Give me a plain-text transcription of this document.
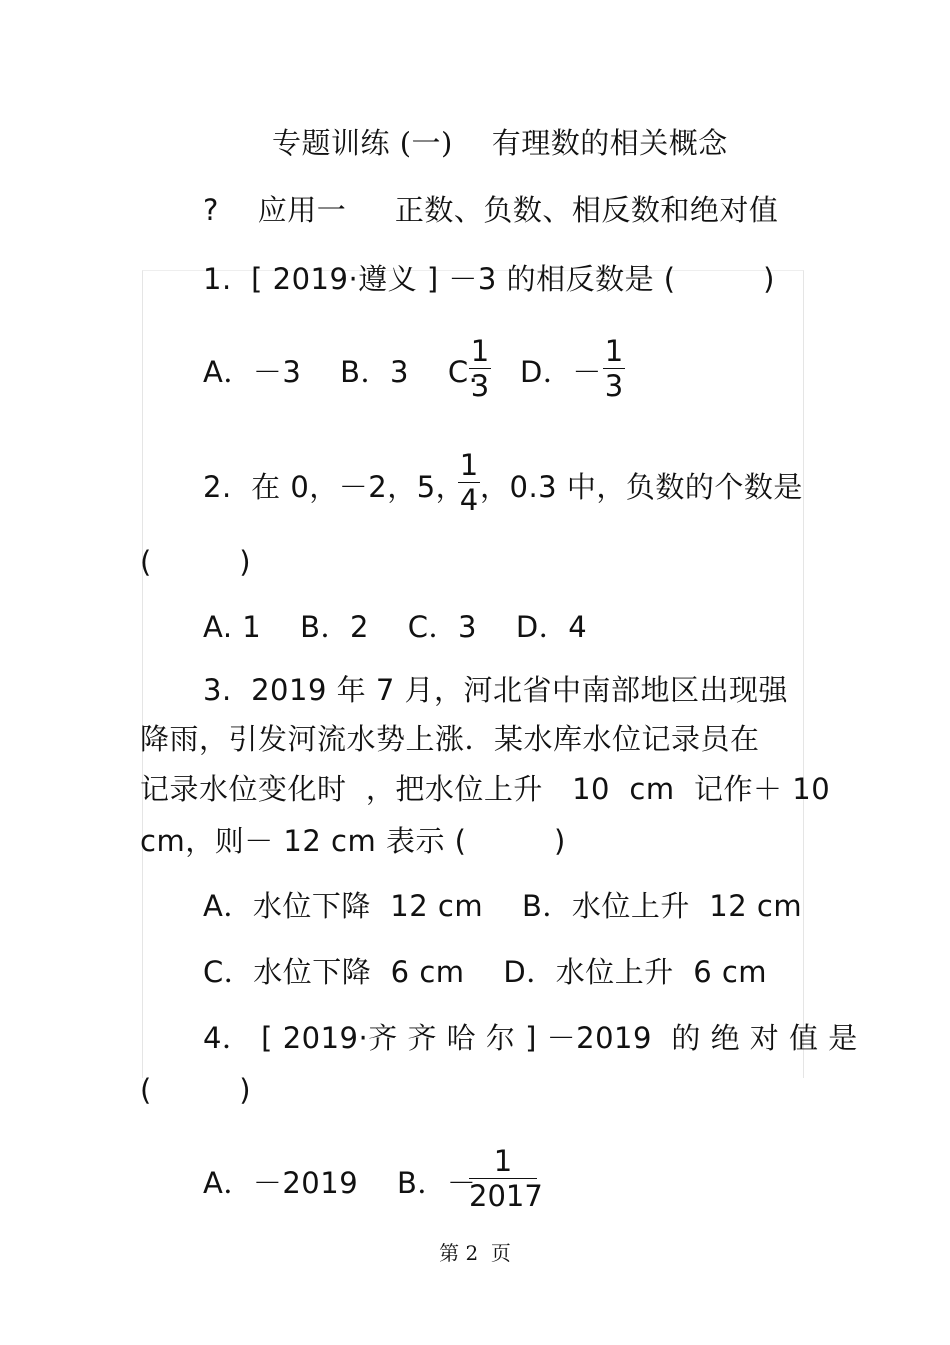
专题训练 (一)    有理数的相关概念
?    应用一     正数、负数、相反数和绝对值
1.  [ 2019·遵义 ] －3 的相反数是 (         )
A．－3    B．3    C.
1
3 D．－
1
3
2.  在 0，－2，5，
1
4 ，0.3 中，负数的个数是
(         )
A. 1    B．2    C．3    D．4
3.  2019 年 7 月，河北省中南部地区出现强
降雨，引发河流水势上涨．某水库水位记录员在
记录水位变化时  ，把水位上升   10  cm  记作＋ 10
cm，则－ 12 cm 表示 (         )
A．水位下降  12 cm    B．水位上升  12 cm
C．水位下降  6 cm    D．水位上升  6 cm
4． [ 2019·齐 齐 哈 尔 ] －2019  的 绝 对 值 是
(         )
A．－2019    B．－
1
2017
第 2  页
